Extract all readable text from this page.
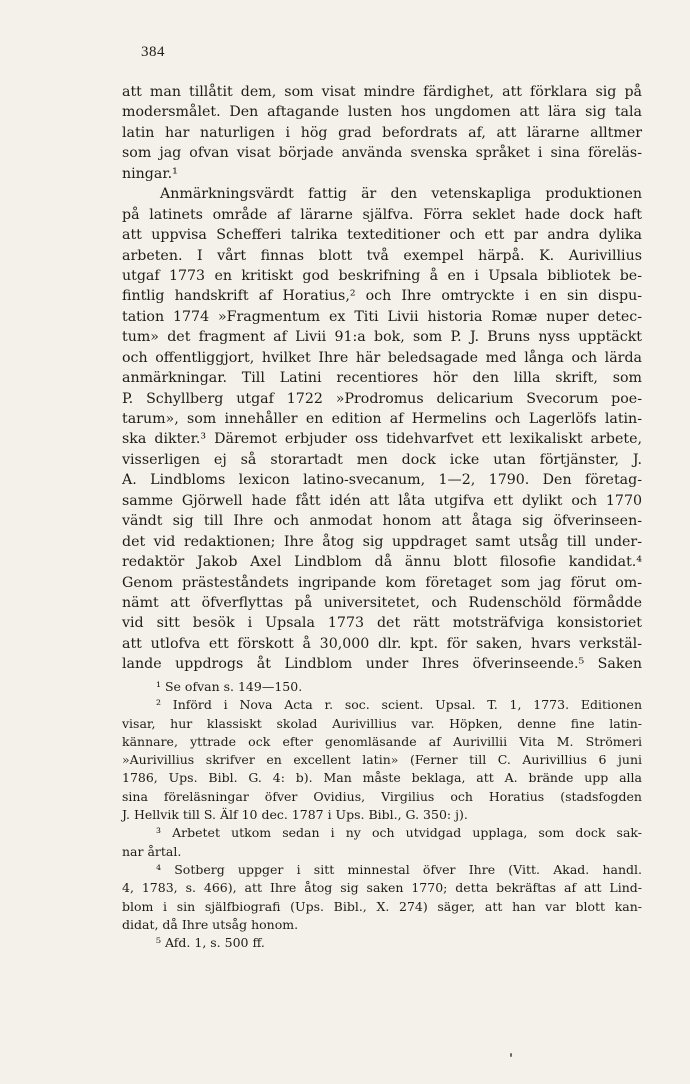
384
att man tillåtit dem, som visat mindre färdighet, att förklara sig på
modersmålet. Den aftagande lusten hos ungdomen att lära sig tala
latin har naturligen i hög grad befordrats af, att lärarne alltmer
som jag ofvan visat började använda svenska språket i sina föreläs-
ningar.¹
Anmärkningsvärdt fattig är den vetenskapliga produktionen
på latinets område af lärarne själfva. Förra seklet hade dock haft
att uppvisa Schefferi talrika texteditioner och ett par andra dylika
arbeten. I vårt finnas blott två exempel härpå. K. Aurivillius
utgaf 1773 en kritiskt god beskrifning å en i Upsala bibliotek be-
fintlig handskrift af Horatius,² och Ihre omtryckte i en sin dispu-
tation 1774 »Fragmentum ex Titi Livii historia Romæ nuper detec-
tum» det fragment af Livii 91:a bok, som P. J. Bruns nyss upptäckt
och offentliggjort, hvilket Ihre här beledsagade med långa och lärda
anmärkningar. Till Latini recentiores hör den lilla skrift, som
P. Schyllberg utgaf 1722 »Prodromus delicarium Svecorum poe-
tarum», som innehåller en edition af Hermelins och Lagerlöfs latin-
ska dikter.³ Däremot erbjuder oss tidehvarfvet ett lexikaliskt arbete,
visserligen ej så storartadt men dock icke utan förtjänster, J.
A. Lindbloms lexicon latino-svecanum, 1—2, 1790. Den företag-
samme Gjörwell hade fått idén att låta utgifva ett dylikt och 1770
vändt sig till Ihre och anmodat honom att åtaga sig öfverinseen-
det vid redaktionen; Ihre åtog sig uppdraget samt utsåg till under-
redaktör Jakob Axel Lindblom då ännu blott filosofie kandidat.⁴
Genom prästeståndets ingripande kom företaget som jag förut om-
nämt att öfverflyttas på universitetet, och Rudenschöld förmådde
vid sitt besök i Upsala 1773 det rätt motsträfviga konsistoriet
att utlofva ett förskott å 30,000 dlr. kpt. för saken, hvars verkstäl-
lande uppdrogs åt Lindblom under Ihres öfverinseende.⁵ Saken
¹ Se ofvan s. 149—150.
² Införd i Nova Acta r. soc. scient. Upsal. T. 1, 1773. Editionen
visar, hur klassiskt skolad Aurivillius var. Höpken, denne fine latin-
kännare, yttrade ock efter genomläsande af Aurivillii Vita M. Strömeri
»Aurivillius skrifver en excellent latin» (Ferner till C. Aurivillius 6 juni
1786, Ups. Bibl. G. 4: b). Man måste beklaga, att A. brände upp alla
sina föreläsningar öfver Ovidius, Virgilius och Horatius (stadsfogden
J. Hellvik till S. Älf 10 dec. 1787 i Ups. Bibl., G. 350: j).
³ Arbetet utkom sedan i ny och utvidgad upplaga, som dock sak-
nar årtal.
⁴ Sotberg uppger i sitt minnestal öfver Ihre (Vitt. Akad. handl.
4, 1783, s. 466), att Ihre åtog sig saken 1770; detta bekräftas af att Lind-
blom i sin själfbiografi (Ups. Bibl., X. 274) säger, att han var blott kan-
didat, då Ihre utsåg honom.
⁵ Afd. 1, s. 500 ff.
